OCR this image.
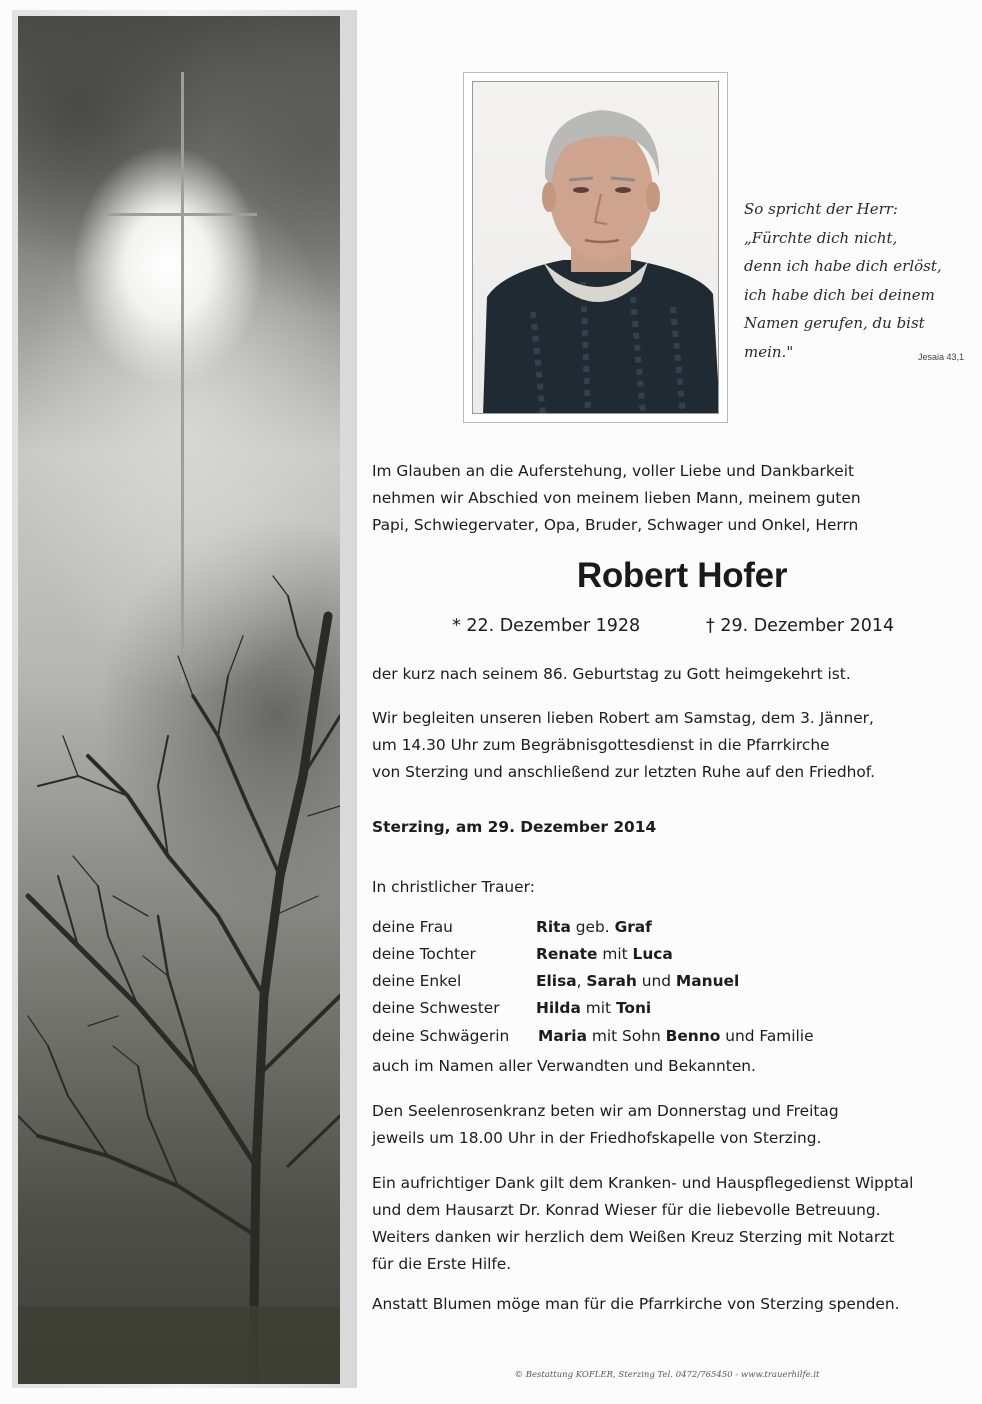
So spricht der Herr:
„Fürchte dich nicht,
denn ich habe dich erlöst,
ich habe dich bei deinem
Namen gerufen, du bist mein."	Jesaia 43,1
Im Glauben an die Auferstehung, voller Liebe und Dankbarkeit
nehmen wir Abschied von meinem lieben Mann, meinem guten
Papi, Schwiegervater, Opa, Bruder, Schwager und Onkel, Herrn
Robert Hofer
* 22. Dezember 1928	† 29. Dezember 2014
der kurz nach seinem 86. Geburtstag zu Gott heimgekehrt ist.
Wir begleiten unseren lieben Robert am Samstag, dem 3. Jänner,
um 14.30 Uhr zum Begräbnisgottesdienst in die Pfarrkirche
von Sterzing und anschließend zur letzten Ruhe auf den Friedhof.
Sterzing, am 29. Dezember 2014
In christlicher Trauer:
deine Frau	Rita geb. Graf
deine Tochter	Renate mit Luca
deine Enkel	Elisa, Sarah und Manuel
deine Schwester Hilda mit Toni
deine Schwägerin Maria mit Sohn Benno und Familie
auch im Namen aller Verwandten und Bekannten.
Den Seelenrosenkranz beten wir am Donnerstag und Freitag
jeweils um 18.00 Uhr in der Friedhofskapelle von Sterzing.
Ein aufrichtiger Dank gilt dem Kranken- und Hauspflegedienst Wipptal
und dem Hausarzt Dr. Konrad Wieser für die liebevolle Betreuung.
Weiters danken wir herzlich dem Weißen Kreuz Sterzing mit Notarzt
für die Erste Hilfe.
Anstatt Blumen möge man für die Pfarrkirche von Sterzing spenden.
© Bestattung KOFLER, Sterzing Tel. 0472/765450 - www.trauerhilfe.it
